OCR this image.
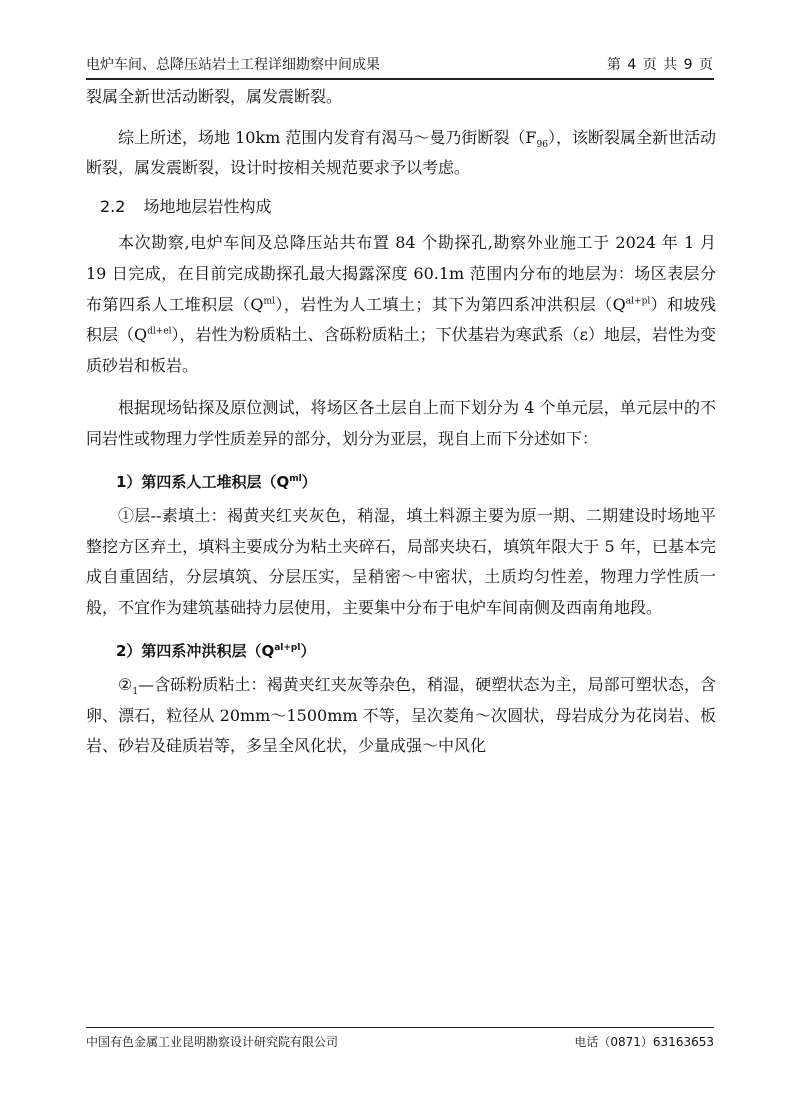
电炉车间、总降压站岩土工程详细勘察中间成果	第 4 页 共 9 页

裂属全新世活动断裂，属发震断裂。

综上所述，场地 10km 范围内发育有渴马～曼乃街断裂$(F_{96})$，该断裂属全新世活动断裂，属发震断裂，设计时按相关规范要求予以考虑。

2.2 场地地层岩性构成

本次勘察,电炉车间及总降压站共布置 84 个勘探孔,勘察外业施工于 2024 年 1 月 19 日完成，在目前完成勘探孔最大揭露深度 60.1m 范围内分布的地层为：场区表层分布第四系人工堆积层$(Q^{ml})$，岩性为人工填土；其下为第四系冲洪积层$(Q^{al+pl})$和坡残积层$(Q^{dl+el})$，岩性为粉质粘土、含砾粉质粘土；下伏基岩为寒武系（ε）地层，岩性为变质砂岩和板岩。

根据现场钻探及原位测试，将场区各土层自上而下划分为 4 个单元层，单元层中的不同岩性或物理力学性质差异的部分，划分为亚层，现自上而下分述如下：

1）第四系人工堆积层$(Q^{ml})$

①层--素填土：褐黄夹红夹灰色，稍湿，填土料源主要为原一期、二期建设时场地平整挖方区弃土，填料主要成分为粘土夹碎石，局部夹块石，填筑年限大于 5 年，已基本完成自重固结，分层填筑、分层压实，呈稍密～中密状，土质均匀性差，物理力学性质一般，不宜作为建筑基础持力层使用，主要集中分布于电炉车间南侧及西南角地段。

2）第四系冲洪积层$(Q^{al+pl})$

$②_1—$含砾粉质粘土：褐黄夹红夹灰等杂色，稍湿，硬塑状态为主，局部可塑状态，含卵、漂石，粒径从 20mm～1500mm 不等，呈次菱角～次圆状，母岩成分为花岗岩、板岩、砂岩及硅质岩等，多呈全风化状，少量成强～中风化

中国有色金属工业昆明勘察设计研究院有限公司	电话（0871）63163653
